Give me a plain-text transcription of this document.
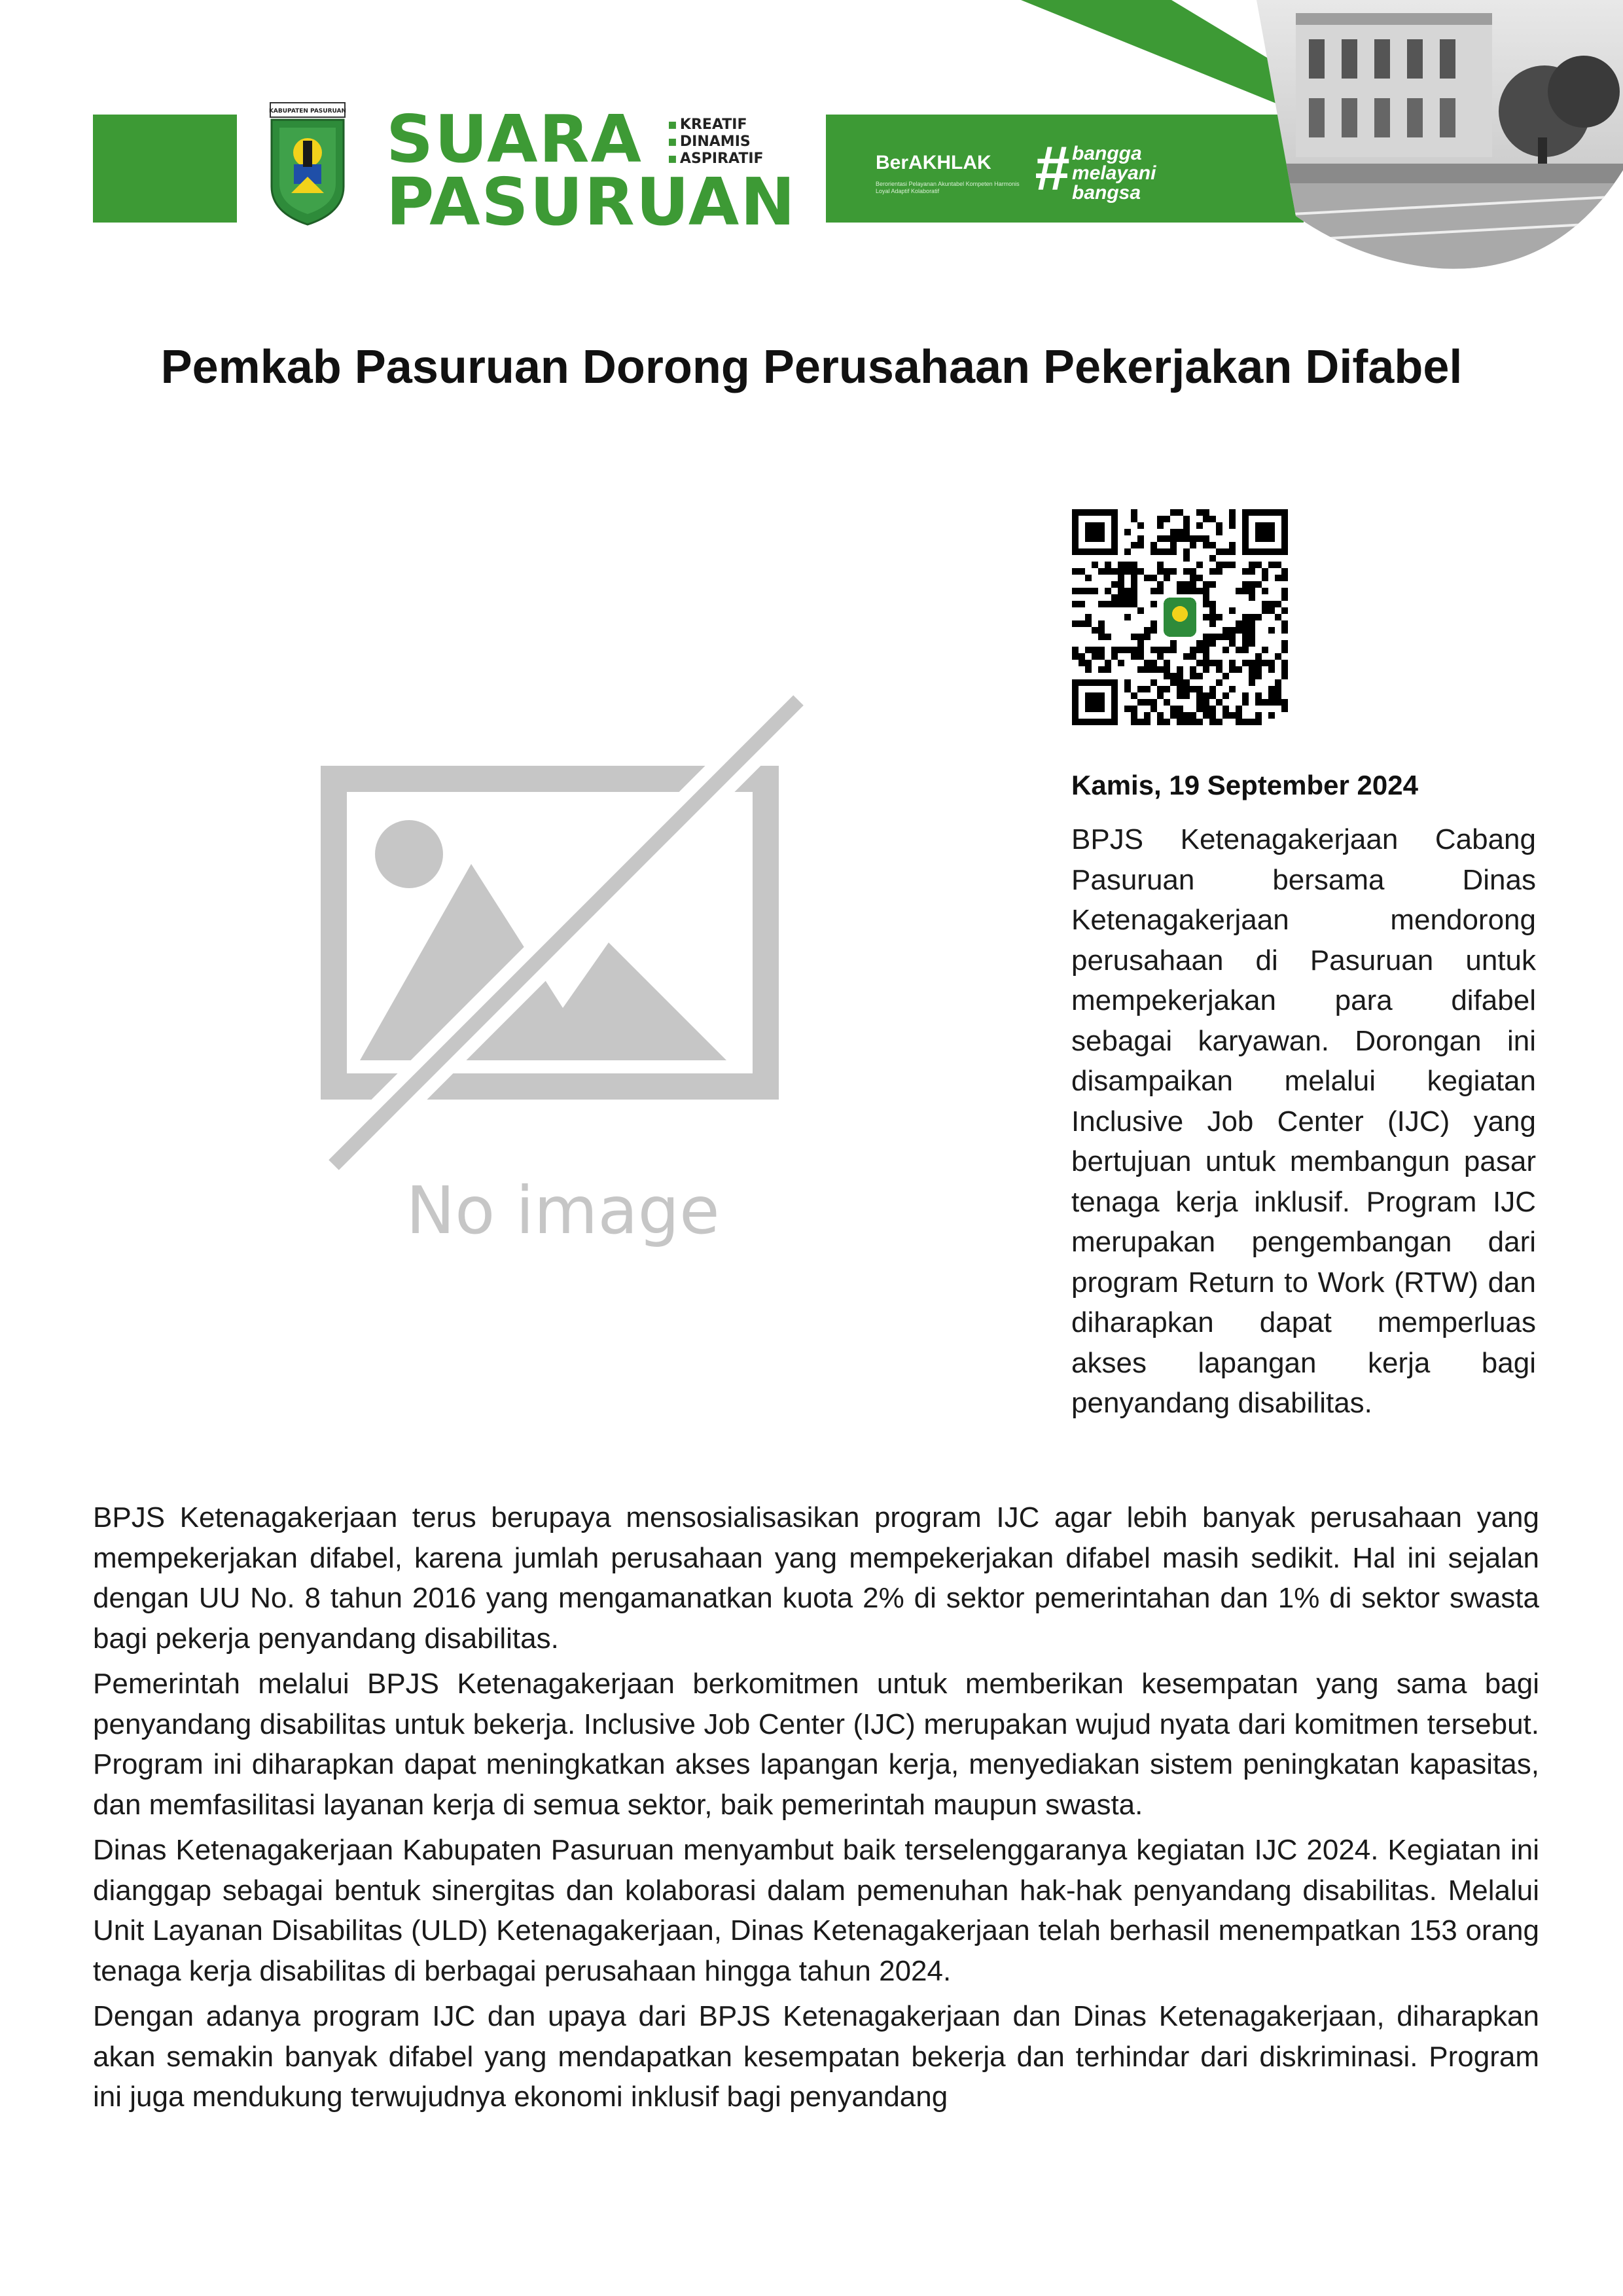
KABUPATEN PASURUAN SUARA
PASURUAN
▪ KREATIF
▪ DINAMIS
▪ ASPIRATIF	BerAKHLAK
Berorientasi Pelayanan Akuntabel Kompeten Harmonis Loyal Adaptif Kolaboratif	# bangga
melayani
bangsa
Pemkab Pasuruan Dorong Perusahaan Pekerjakan Difabel
No image
Kamis, 19 September 2024

BPJS Ketenagakerjaan Cabang Pasuruan bersama Dinas Ketenagakerjaan mendorong perusahaan di Pasuruan untuk mempekerjakan para difabel sebagai karyawan. Dorongan ini disampaikan melalui kegiatan Inclusive Job Center (IJC) yang bertujuan untuk membangun pasar tenaga kerja inklusif. Program IJC merupakan pengembangan dari program Return to Work (RTW) dan diharapkan dapat memperluas akses lapangan kerja bagi penyandang disabilitas.

BPJS Ketenagakerjaan terus berupaya mensosialisasikan program IJC agar lebih banyak perusahaan yang mempekerjakan difabel, karena jumlah perusahaan yang mempekerjakan difabel masih sedikit. Hal ini sejalan dengan UU No. 8 tahun 2016 yang mengamanatkan kuota 2% di sektor pemerintahan dan 1% di sektor swasta bagi pekerja penyandang disabilitas.

Pemerintah melalui BPJS Ketenagakerjaan berkomitmen untuk memberikan kesempatan yang sama bagi penyandang disabilitas untuk bekerja. Inclusive Job Center (IJC) merupakan wujud nyata dari komitmen tersebut. Program ini diharapkan dapat meningkatkan akses lapangan kerja, menyediakan sistem peningkatan kapasitas, dan memfasilitasi layanan kerja di semua sektor, baik pemerintah maupun swasta.

Dinas Ketenagakerjaan Kabupaten Pasuruan menyambut baik terselenggaranya kegiatan IJC 2024. Kegiatan ini dianggap sebagai bentuk sinergitas dan kolaborasi dalam pemenuhan hak-hak penyandang disabilitas. Melalui Unit Layanan Disabilitas (ULD) Ketenagakerjaan, Dinas Ketenagakerjaan telah berhasil menempatkan 153 orang tenaga kerja disabilitas di berbagai perusahaan hingga tahun 2024.

Dengan adanya program IJC dan upaya dari BPJS Ketenagakerjaan dan Dinas Ketenagakerjaan, diharapkan akan semakin banyak difabel yang mendapatkan kesempatan bekerja dan terhindar dari diskriminasi. Program ini juga mendukung terwujudnya ekonomi inklusif bagi penyandang
